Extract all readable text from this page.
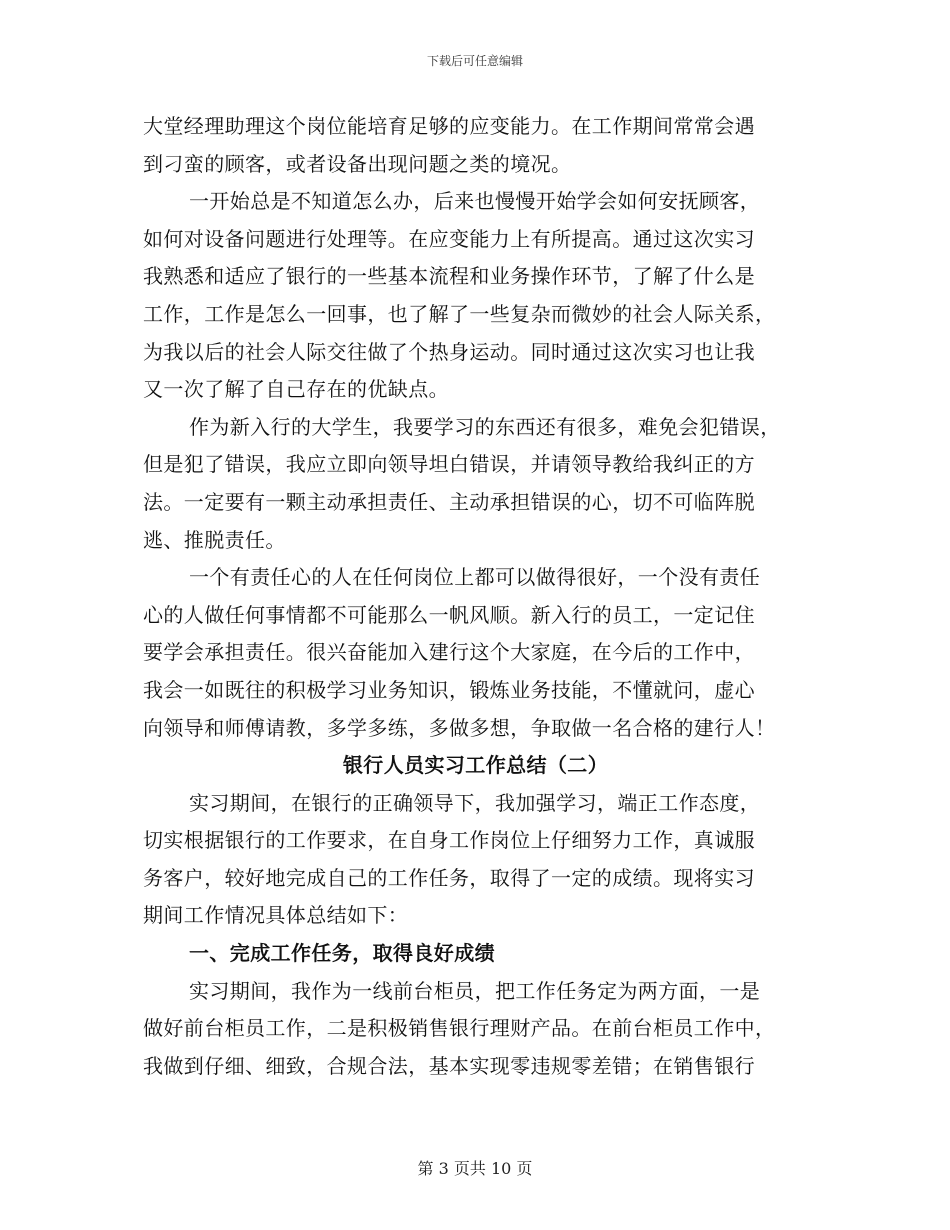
下载后可任意编辑
大堂经理助理这个岗位能培育足够的应变能力。在工作期间常常会遇
到刁蛮的顾客，或者设备出现问题之类的境况。
一开始总是不知道怎么办，后来也慢慢开始学会如何安抚顾客，
如何对设备问题进行处理等。在应变能力上有所提高。通过这次实习
我熟悉和适应了银行的一些基本流程和业务操作环节，了解了什么是
工作，工作是怎么一回事，也了解了一些复杂而微妙的社会人际关系，
为我以后的社会人际交往做了个热身运动。同时通过这次实习也让我
又一次了解了自己存在的优缺点。
作为新入行的大学生，我要学习的东西还有很多，难免会犯错误，
但是犯了错误，我应立即向领导坦白错误，并请领导教给我纠正的方
法。一定要有一颗主动承担责任、主动承担错误的心，切不可临阵脱
逃、推脱责任。
一个有责任心的人在任何岗位上都可以做得很好，一个没有责任
心的人做任何事情都不可能那么一帆风顺。新入行的员工，一定记住
要学会承担责任。很兴奋能加入建行这个大家庭，在今后的工作中，
我会一如既往的积极学习业务知识，锻炼业务技能，不懂就问，虚心
向领导和师傅请教，多学多练，多做多想，争取做一名合格的建行人！
银行人员实习工作总结（二）
实习期间，在银行的正确领导下，我加强学习，端正工作态度，
切实根据银行的工作要求，在自身工作岗位上仔细努力工作，真诚服
务客户，较好地完成自己的工作任务，取得了一定的成绩。现将实习
期间工作情况具体总结如下：
一、完成工作任务，取得良好成绩
实习期间，我作为一线前台柜员，把工作任务定为两方面，一是
做好前台柜员工作，二是积极销售银行理财产品。在前台柜员工作中，
我做到仔细、细致，合规合法，基本实现零违规零差错；在销售银行
第 3 页共 10 页
